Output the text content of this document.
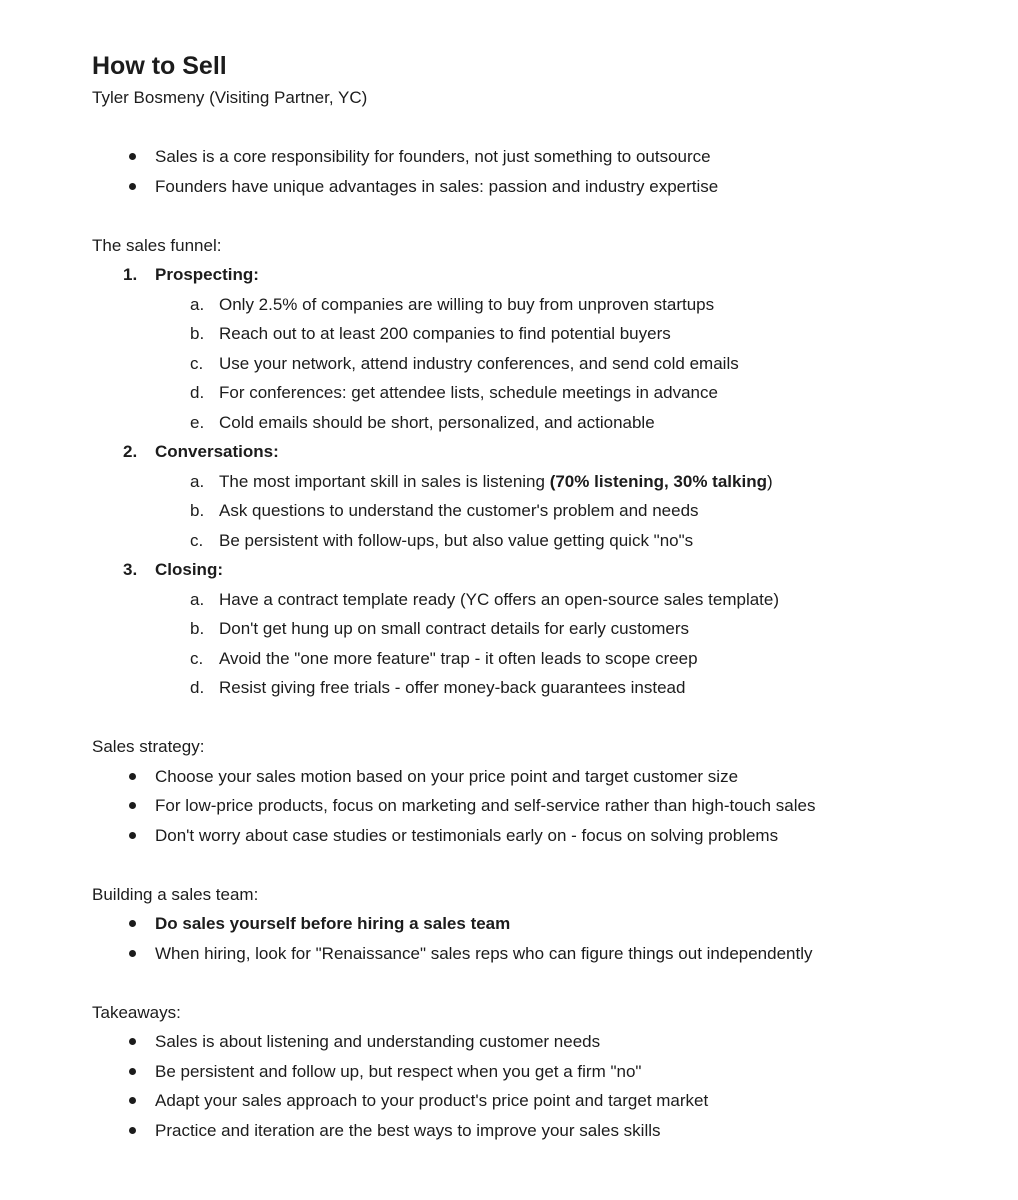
How to Sell
Tyler Bosmeny (Visiting Partner, YC)
Sales is a core responsibility for founders, not just something to outsource
Founders have unique advantages in sales: passion and industry expertise
The sales funnel:
1.	Prospecting:
a. Only 2.5% of companies are willing to buy from unproven startups
b. Reach out to at least 200 companies to find potential buyers
c. Use your network, attend industry conferences, and send cold emails
d. For conferences: get attendee lists, schedule meetings in advance
e. Cold emails should be short, personalized, and actionable
2.	Conversations:
a. The most important skill in sales is listening (70% listening, 30% talking)
b. Ask questions to understand the customer's problem and needs
c. Be persistent with follow-ups, but also value getting quick "no"s
3.	Closing:
a. Have a contract template ready (YC offers an open-source sales template)
b. Don't get hung up on small contract details for early customers
c. Avoid the "one more feature" trap - it often leads to scope creep
d. Resist giving free trials - offer money-back guarantees instead
Sales strategy:
Choose your sales motion based on your price point and target customer size
For low-price products, focus on marketing and self-service rather than high-touch sales
Don't worry about case studies or testimonials early on - focus on solving problems
Building a sales team:
Do sales yourself before hiring a sales team
When hiring, look for "Renaissance" sales reps who can figure things out independently
Takeaways:
Sales is about listening and understanding customer needs
Be persistent and follow up, but respect when you get a firm "no"
Adapt your sales approach to your product's price point and target market
Practice and iteration are the best ways to improve your sales skills
